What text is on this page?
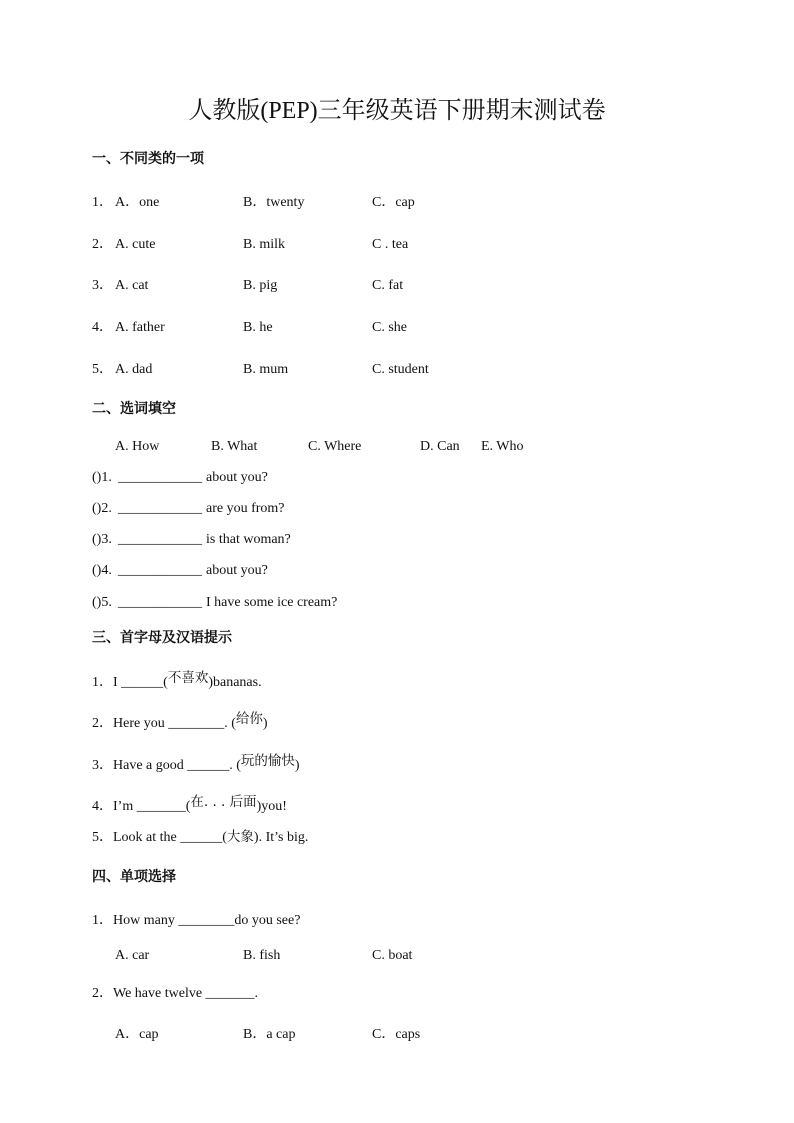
人教版(PEP)三年级英语下册期末测试卷
一、不同类的一项
1． A．one	B．twenty	C．cap
2． A. cute	B. milk	C . tea
3． A. cat	B. pig	C. fat
4． A. father	B. he	C. she
5． A. dad	B. mum	C. student
二、选词填空
A. How	B. What	C. Where	D. Can E. Who
()1. ____________ about you?
()2. ____________ are you from?
()3. ____________ is that woman?
()4. ____________ about you?
()5. ____________ I have some ice cream?
三、首字母及汉语提示
1．I ______(不喜欢)bananas.
2．Here you ________. (给你)
3．Have a good ______. (玩的愉快)
4．I’m _______(在. . . 后面)you!
5．Look at the ______(大象). It’s big.
四、单项选择
1．How many ________do you see?
A. car	B. fish	C. boat
2．We have twelve _______.
A．cap	B．a cap	C．caps
